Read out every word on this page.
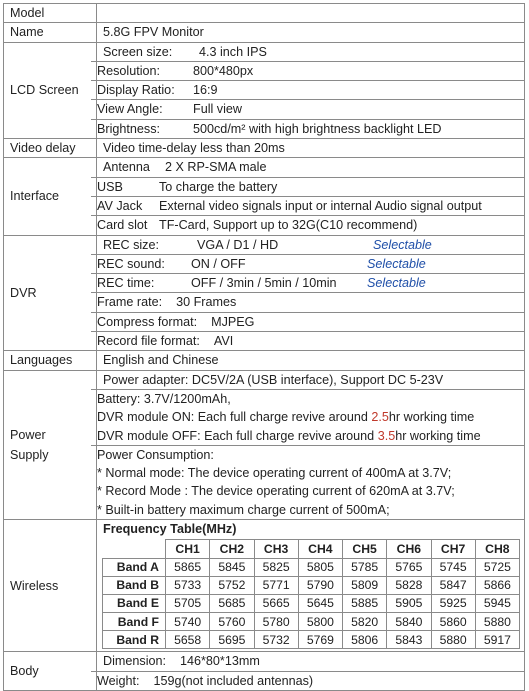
Model

Name	5.8G FPV Monitor

LCD Screen	
Screen size: 4.3 inch IPS
Resolution:	800*480px
Display Ratio: 16:9
View Angle: Full view
Brightness:	500cd/m² with high brightness backlight LED

Video delay	Video time-delay less than 20ms

Interface	
Antenna 2 X RP-SMA male
USB	To charge the battery
AV Jack External video signals input or internal Audio signal output
Card slot TF-Card, Support up to 32G(C10 recommend)

DVR	
REC size:	VGA / D1 / HD	Selectable
REC sound: ON / OFF	Selectable
REC time:	OFF / 3min / 5min / 10min Selectable
Frame rate: 30 Frames
Compress format: MJPEG
Record file format: AVI

Languages	English and Chinese

Power Supply

Power adapter: DC5V/2A (USB interface), Support DC 5-23V
Battery: 3.7V/1200mAh,
DVR module ON: Each full charge revive around 2.5hr working time
DVR module OFF: Each full charge revive around 3.5hr working time
Power Consumption:
* Normal mode: The device operating current of 400mA at 3.7V;
* Record Mode : The device operating current of 620mA at 3.7V;
* Built-in battery maximum charge current of 500mA;

Wireless	
Frequency Table(MHz)
	CH1	CH2	CH3	CH4	CH5	CH6	CH7	CH8
Band A	5865	5845	5825	5805	5785	5765	5745	5725
Band B	5733	5752	5771	5790	5809	5828	5847	5866
Band E	5705	5685	5665	5645	5885	5905	5925	5945
Band F	5740	5760	5780	5800	5820	5840	5860	5880
Band R	5658	5695	5732	5769	5806	5843	5880	5917

Body	
Dimension: 146*80*13mm
Weight: 159g(not included antennas)
